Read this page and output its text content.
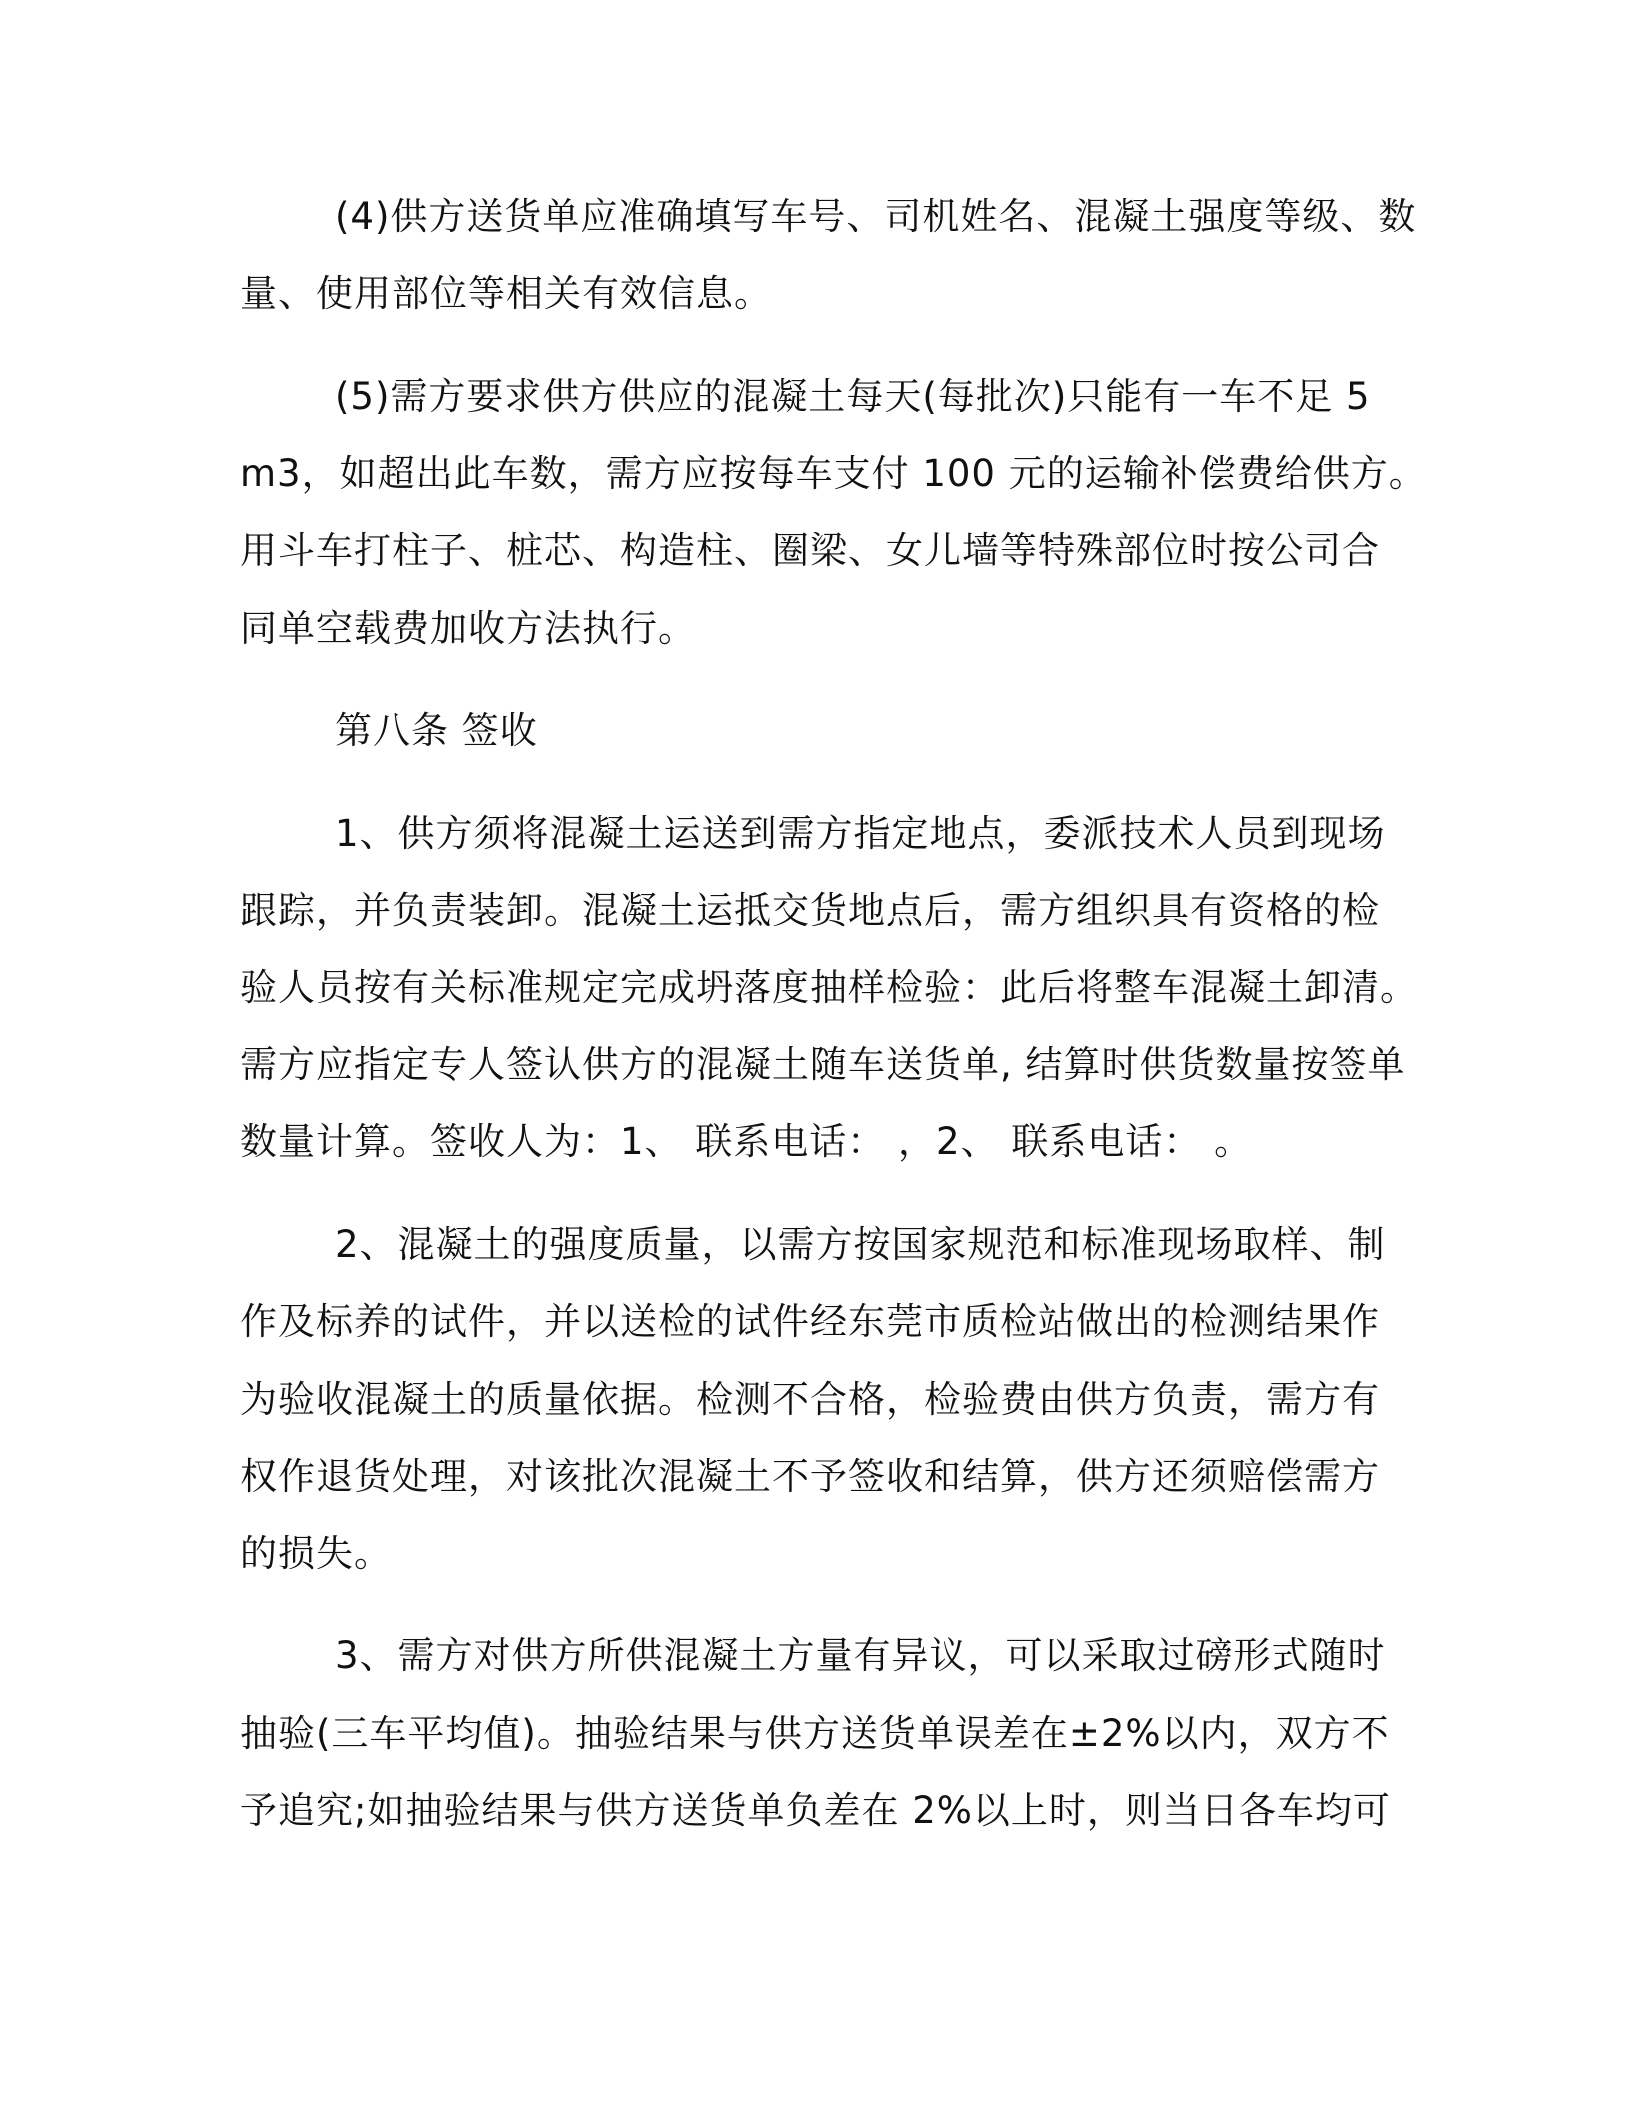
(4)供方送货单应准确填写车号、司机姓名、混凝土强度等级、数
量、使用部位等相关有效信息。
(5)需方要求供方供应的混凝土每天(每批次)只能有一车不足 5
m3，如超出此车数，需方应按每车支付 100 元的运输补偿费给供方。
用斗车打柱子、桩芯、构造柱、圈梁、女儿墙等特殊部位时按公司合
同单空载费加收方法执行。
第八条 签收
1、供方须将混凝土运送到需方指定地点，委派技术人员到现场
跟踪，并负责装卸。混凝土运抵交货地点后，需方组织具有资格的检
验人员按有关标准规定完成坍落度抽样检验：此后将整车混凝土卸清。
需方应指定专人签认供方的混凝土随车送货单, 结算时供货数量按签单
数量计算。签收人为：1、 联系电话： ，2、 联系电话： 。
2、混凝土的强度质量，以需方按国家规范和标准现场取样、制
作及标养的试件，并以送检的试件经东莞市质检站做出的检测结果作
为验收混凝土的质量依据。检测不合格，检验费由供方负责，需方有
权作退货处理，对该批次混凝土不予签收和结算，供方还须赔偿需方
的损失。
3、需方对供方所供混凝土方量有异议，可以采取过磅形式随时
抽验(三车平均值)。抽验结果与供方送货单误差在±2%以内，双方不
予追究;如抽验结果与供方送货单负差在 2%以上时，则当日各车均可
